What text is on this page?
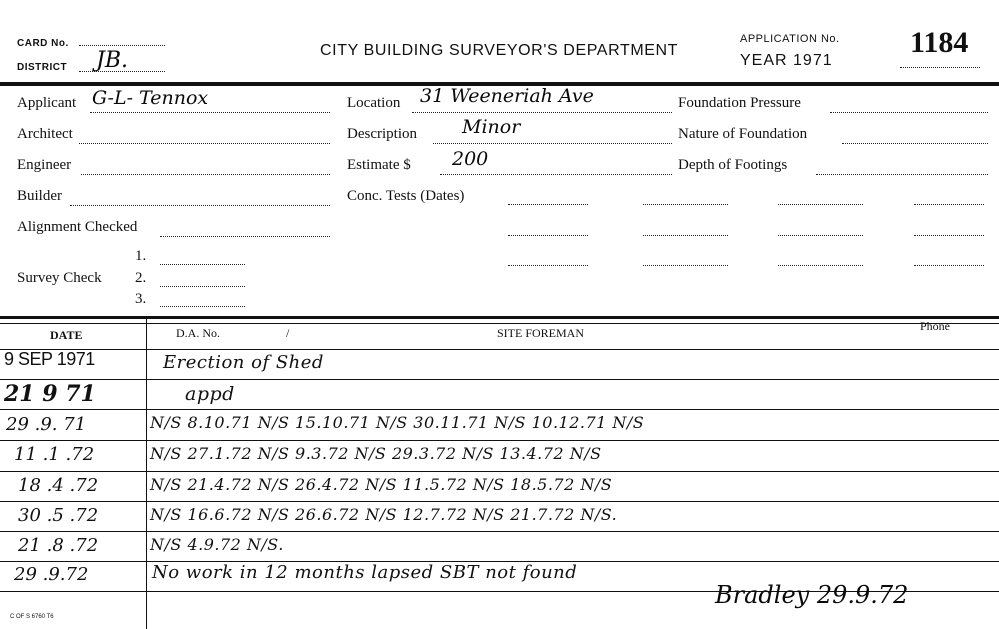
CARD No.
DISTRICT JB.	CITY BUILDING SURVEYOR'S DEPARTMENT
APPLICATION No.
YEAR 1971
1184
Applicant G-L- Tennox
Architect
Engineer
Builder
Alignment Checked
1.
Survey Check 2.
3.
Location 31 Weeneriah Ave
Description Minor
Estimate $ 200
Conc. Tests (Dates)
Foundation Pressure
Nature of Foundation
Depth of Footings
DATE	D.A. No.	/	SITE FOREMAN	Phone
9 SEP 1971	Erection of Shed
21 9 71	appd
29 .9. 71	N/S 8.10.71 N/S 15.10.71 N/S 30.11.71 N/S 10.12.71 N/S
11 .1 .72	N/S 27.1.72 N/S 9.3.72 N/S 29.3.72 N/S 13.4.72 N/S
18 .4 .72	N/S 21.4.72 N/S 26.4.72 N/S 11.5.72 N/S 18.5.72 N/S
30 .5 .72	N/S 16.6.72 N/S 26.6.72 N/S 12.7.72 N/S 21.7.72 N/S.
21 .8 .72	N/S 4.9.72 N/S.
29 .9.72	No work in 12 months lapsed SBT not found
Bradley 29.9.72
C OF S 6760 T6
